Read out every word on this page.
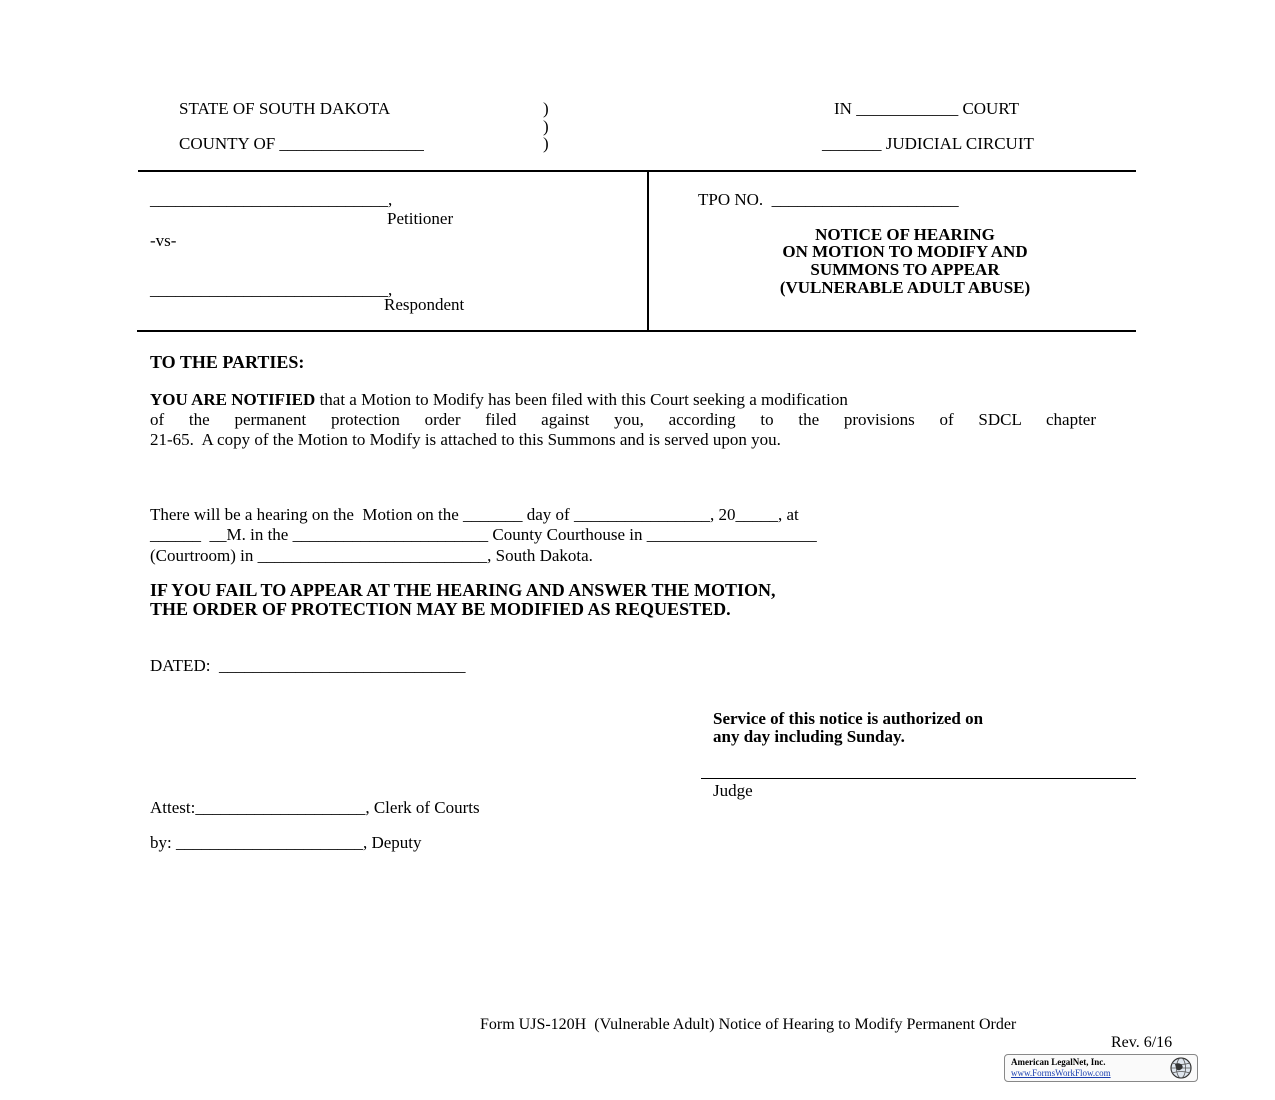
STATE OF SOUTH DAKOTA	)
)
COUNTY OF _________________	)
IN ____________ COURT
_______ JUDICIAL CIRCUIT
____________________________,
Petitioner
-vs-
____________________________,
Respondent
TPO NO.  ______________________
NOTICE OF HEARING
ON MOTION TO MODIFY AND
SUMMONS TO APPEAR
(VULNERABLE ADULT ABUSE)
TO THE PARTIES:
YOU ARE NOTIFIED that a Motion to Modify has been filed with this Court seeking a modification
of the permanent protection order filed against you, according to the provisions of SDCL chapter
21-65.  A copy of the Motion to Modify is attached to this Summons and is served upon you.
There will be a hearing on the  Motion on the _______ day of ________________, 20_____, at
______  __M. in the _______________________ County Courthouse in ____________________
(Courtroom) in ___________________________, South Dakota.
IF YOU FAIL TO APPEAR AT THE HEARING AND ANSWER THE MOTION,
THE ORDER OF PROTECTION MAY BE MODIFIED AS REQUESTED.
DATED:  _____________________________
Service of this notice is authorized on
any day including Sunday.
Judge
Attest:____________________, Clerk of Courts
by: ______________________, Deputy
Form UJS-120H  (Vulnerable Adult) Notice of Hearing to Modify Permanent Order
Rev. 6/16
American LegalNet, Inc.
www.FormsWorkFlow.com
